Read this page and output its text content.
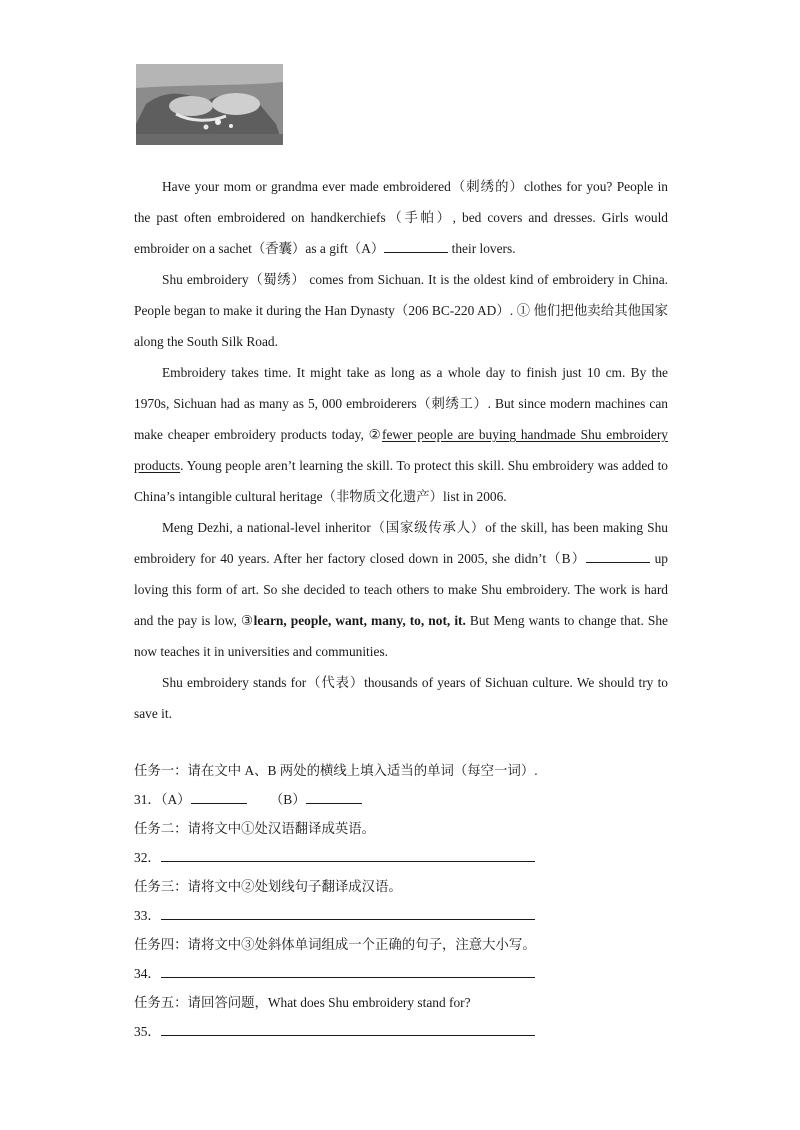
Have your mom or grandma ever made embroidered（刺绣的）clothes for you? People in the past often embroidered on handkerchiefs（手帕）, bed covers and dresses. Girls would embroider on a sachet（香囊）as a gift（A）	their lovers.

Shu embroidery（蜀绣） comes from Sichuan. It is the oldest kind of embroidery in China. People began to make it during the Han Dynasty（206 BC-220 AD）. ① 他们把他卖给其他国家 along the South Silk Road.

Embroidery takes time. It might take as long as a whole day to finish just 10 cm. By the 1970s, Sichuan had as many as 5, 000 embroiderers（刺绣工）. But since modern machines can make cheaper embroidery products today, ②fewer people are buying handmade Shu embroidery products. Young people aren’t learning the skill. To protect this skill. Shu embroidery was added to China’s intangible cultural heritage（非物质文化遗产）list in 2006.

Meng Dezhi, a national-level inheritor（国家级传承人）of the skill, has been making Shu embroidery for 40 years. After her factory closed down in 2005, she didn’t（B）	up loving this form of art. So she decided to teach others to make Shu embroidery. The work is hard and the pay is low, ③learn, people, want, many, to, not, it. But Meng wants to change that. She now teaches it in universities and communities.

Shu embroidery stands for（代表）thousands of years of Sichuan culture. We should try to save it.

任务一：请在文中 A、B 两处的横线上填入适当的单词（每空一词）.
31．（A）	（B）
任务二：请将文中①处汉语翻译成英语。
32．
任务三：请将文中②处划线句子翻译成汉语。
33．
任务四：请将文中③处斜体单词组成一个正确的句子，注意大小写。
34．
任务五：请回答问题，What does Shu embroidery stand for?
35．
